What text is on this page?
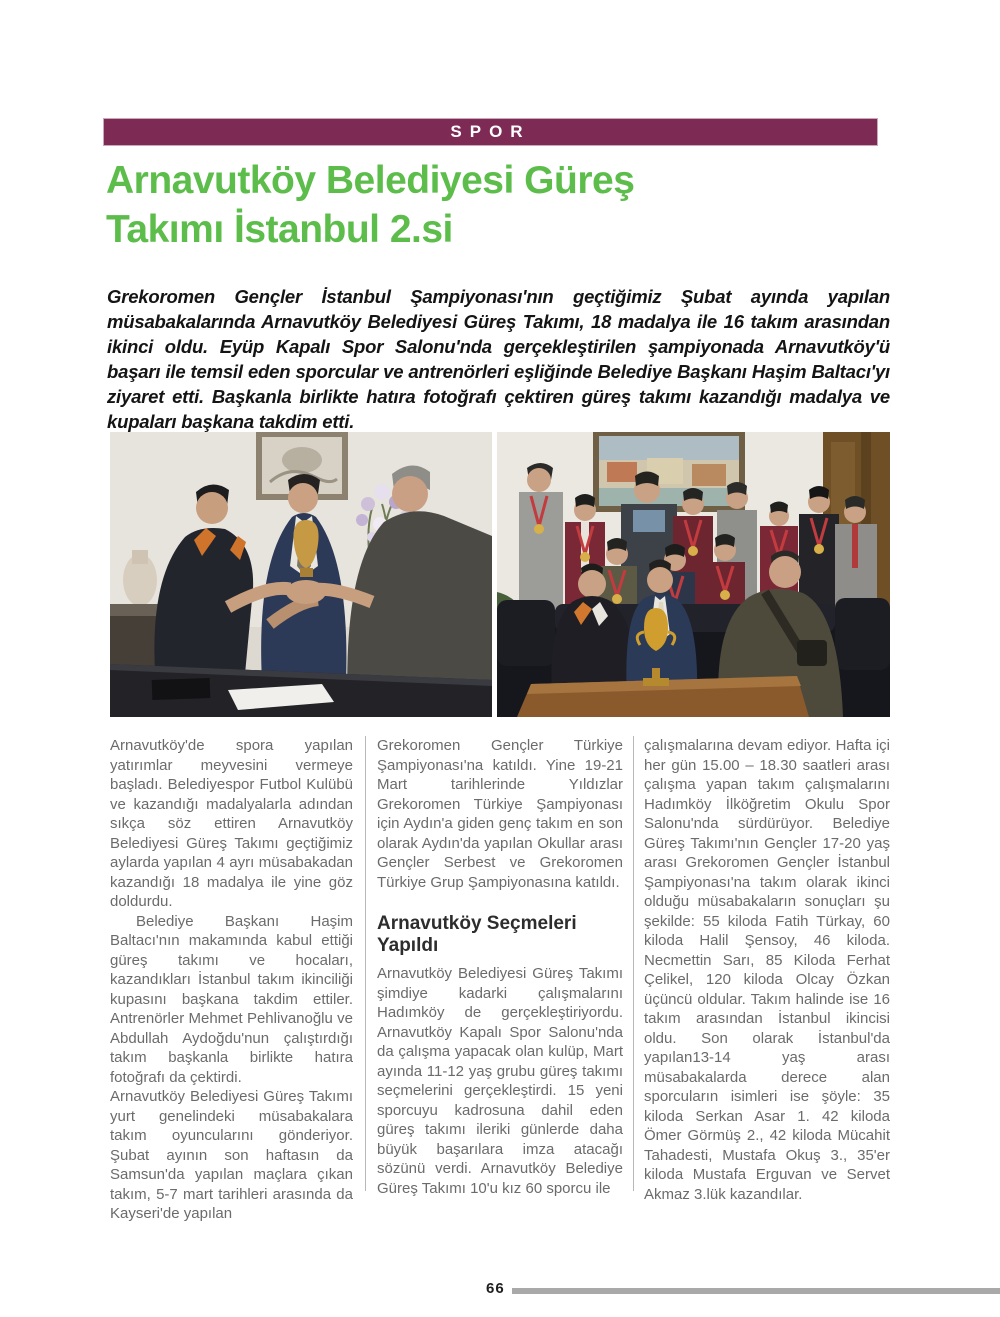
SPOR
Arnavutköy Belediyesi Güreş Takımı İstanbul 2.si

Grekoromen Gençler İstanbul Şampiyonası'nın geçtiğimiz Şubat ayında yapılan müsabakalarında Arnavutköy Belediyesi Güreş Takımı, 18 madalya ile 16 takım arasından ikinci oldu. Eyüp Kapalı Spor Salonu'nda gerçekleştirilen şampiyonada Arnavutköy'ü başarı ile temsil eden sporcular ve antrenörleri eşliğinde Belediye Başkanı Haşim Baltacı'yı ziyaret etti. Başkanla birlikte hatıra fotoğrafı çektiren güreş takımı kazandığı madalya ve kupaları başkana takdim etti.

Arnavutköy'de spora yapılan yatırımlar meyvesini vermeye başladı. Belediyespor Futbol Kulübü ve kazandığı madalyalarla adından sıkça söz ettiren Arnavutköy Belediyesi Güreş Takımı geçtiğimiz aylarda yapılan 4 ayrı müsabakadan kazandığı 18 madalya ile yine göz doldurdu.

Belediye Başkanı Haşim Baltacı'nın makamında kabul ettiği güreş takımı ve hocaları, kazandıkları İstanbul takım ikinciliği kupasını başkana takdim ettiler. Antrenörler Mehmet Pehlivanoğlu ve Abdullah Aydoğdu'nun çalıştırdığı takım başkanla birlikte hatıra fotoğrafı da çektirdi.

Arnavutköy Belediyesi Güreş Takımı yurt genelindeki müsabakalara takım oyuncularını gönderiyor. Şubat ayının son haftasın da Samsun'da yapılan maçlara çıkan takım, 5-7 mart tarihleri arasında da Kayseri'de yapılan

Grekoromen Gençler Türkiye Şampiyonası'na katıldı. Yine 19-21 Mart tarihlerinde Yıldızlar Grekoromen Türkiye Şampiyonası için Aydın'a giden genç takım en son olarak Aydın'da yapılan Okullar arası Gençler Serbest ve Grekoromen Türkiye Grup Şampiyonasına katıldı.

Arnavutköy Seçmeleri Yapıldı

Arnavutköy Belediyesi Güreş Takımı şimdiye kadarki çalışmalarını Hadımköy de gerçekleştiriyordu. Arnavutköy Kapalı Spor Salonu'nda da çalışma yapacak olan kulüp, Mart ayında 11-12 yaş grubu güreş takımı seçmelerini gerçekleştirdi. 15 yeni sporcuyu kadrosuna dahil eden güreş takımı ileriki günlerde daha büyük başarılara imza atacağı sözünü verdi. Arnavutköy Belediye Güreş Takımı 10'u kız 60 sporcu ile

çalışmalarına devam ediyor. Hafta içi her gün 15.00 – 18.30 saatleri arası çalışma yapan takım çalışmalarını Hadımköy İlköğretim Okulu Spor Salonu'nda sürdürüyor. Belediye Güreş Takımı'nın Gençler 17-20 yaş arası Grekoromen Gençler İstanbul Şampiyonası'na takım olarak ikinci olduğu müsabakaların sonuçları şu şekilde: 55 kiloda Fatih Türkay, 60 kiloda Halil Şensoy, 46 kiloda. Necmettin Sarı, 85 Kiloda Ferhat Çelikel, 120 kiloda Olcay Özkan üçüncü oldular. Takım halinde ise 16 takım arasından İstanbul ikincisi oldu. Son olarak İstanbul'da yapılan13-14 yaş arası müsabakalarda derece alan sporcuların isimleri ise şöyle: 35 kiloda Serkan Asar 1. 42 kiloda Ömer Görmüş 2., 42 kiloda Mücahit Tahadesti, Mustafa Okuş 3., 35'er kiloda Mustafa Erguvan ve Servet Akmaz 3.lük kazandılar.

66
